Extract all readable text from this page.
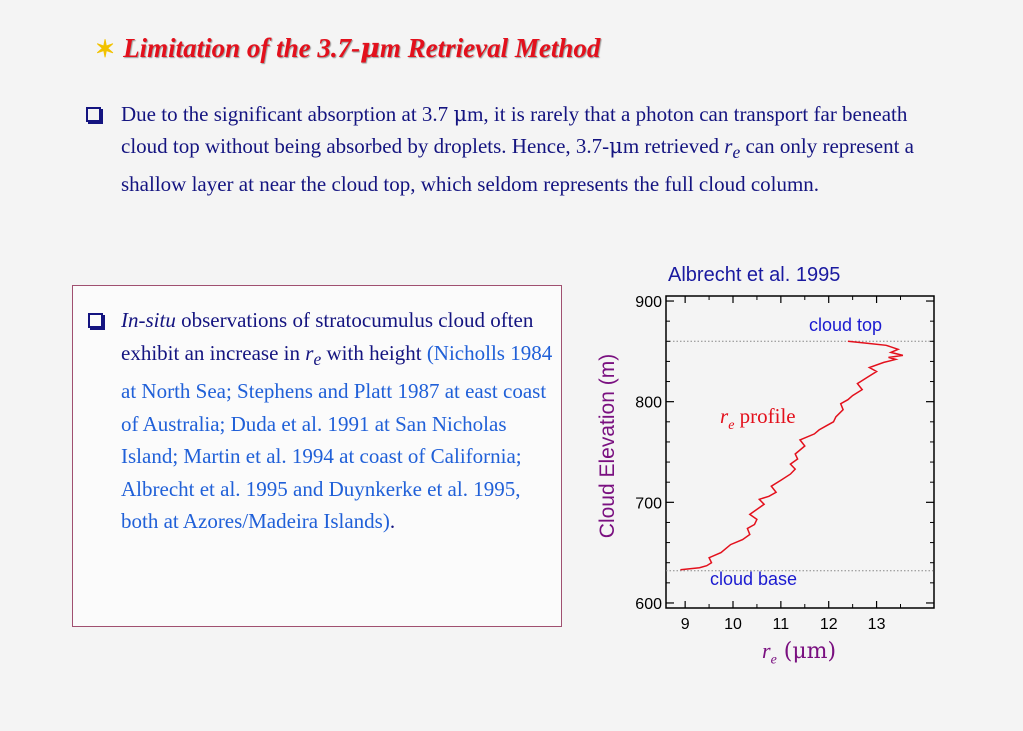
✶ Limitation of the 3.7-μm Retrieval Method
Due to the significant absorption at 3.7 μm, it is rarely that a photon can transport far beneath cloud top without being absorbed by droplets. Hence, 3.7-μm retrieved $r_e$ can only represent a shallow layer at near the cloud top, which seldom represents the full cloud column.
In-situ observations of stratocumulus cloud often exhibit an increase in $r_e$ with height (Nicholls 1984 at North Sea; Stephens and Platt 1987 at east coast of Australia; Duda et al. 1991 at San Nicholas Island; Martin et al. 1994 at coast of California; Albrecht et al. 1995 and Duynkerke et al. 1995, both at Azores/Madeira Islands).
Albrecht et al. 1995
Cloud Elevation (m)
$r_e$ (μm)
9 10 11 12 13
600
700
800
900
cloud top
cloud base
$r_e$ profile
